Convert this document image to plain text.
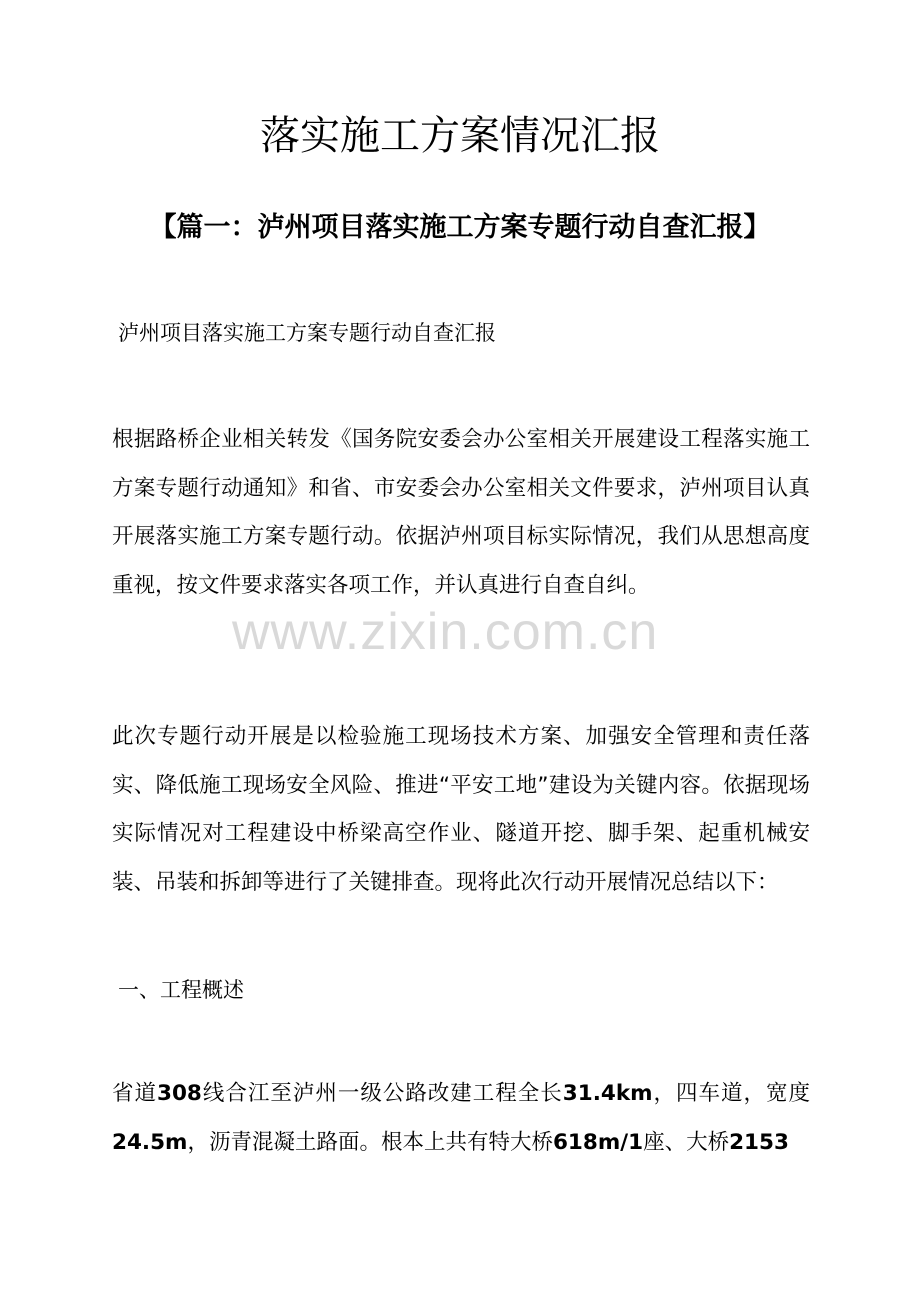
落实施工方案情况汇报
【篇一：泸州项目落实施工方案专题行动自查汇报】
泸州项目落实施工方案专题行动自查汇报

根据路桥企业相关转发《国务院安委会办公室相关开展建设工程落实施工方案专题行动通知》和省、市安委会办公室相关文件要求，泸州项目认真开展落实施工方案专题行动。依据泸州项目标实际情况，我们从思想高度重视，按文件要求落实各项工作，并认真进行自查自纠。

www.zixin.com.cn

此次专题行动开展是以检验施工现场技术方案、加强安全管理和责任落实、降低施工现场安全风险、推进“平安工地”建设为关键内容。依据现场实际情况对工程建设中桥梁高空作业、隧道开挖、脚手架、起重机械安装、吊装和拆卸等进行了关键排查。现将此次行动开展情况总结以下：

一、工程概述

省道308线合江至泸州一级公路改建工程全长31.4km，四车道，宽度24.5m，沥青混凝土路面。根本上共有特大桥618m/1座、大桥2153
